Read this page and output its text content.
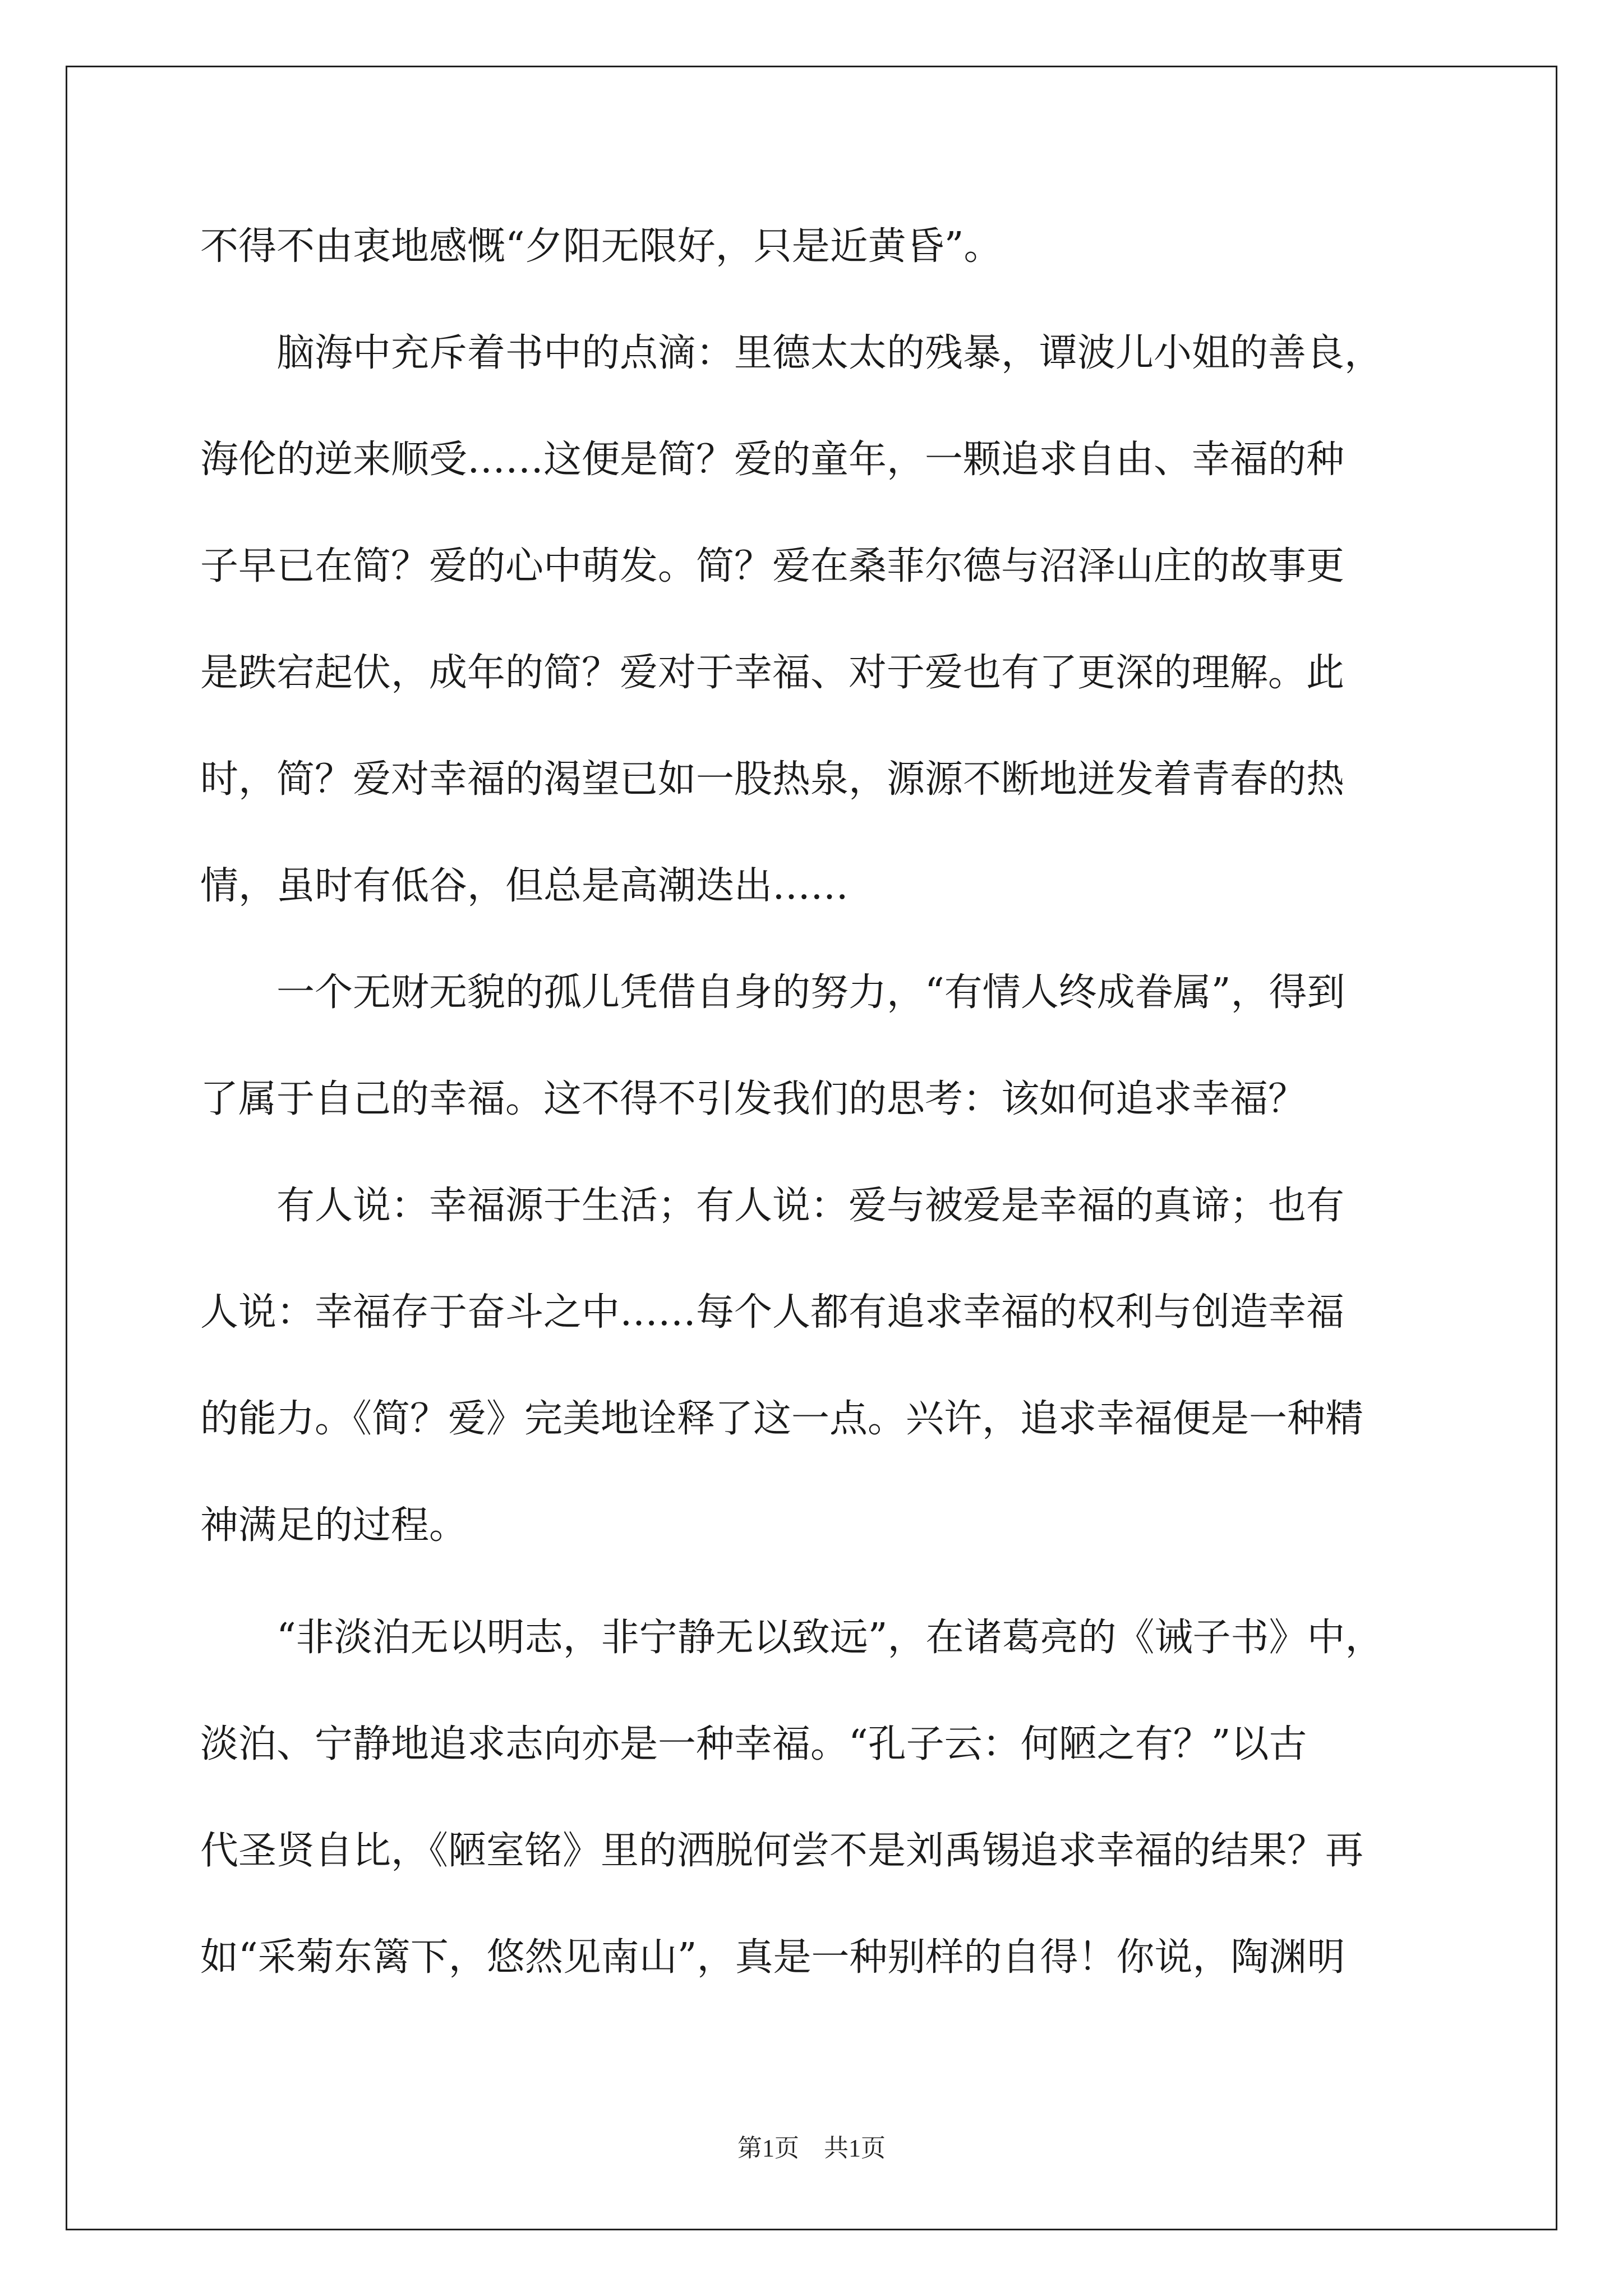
不得不由衷地感慨“夕阳无限好，只是近黄昏”。
　　脑海中充斥着书中的点滴：里德太太的残暴，谭波儿小姐的善良，
海伦的逆来顺受……这便是简？爱的童年，一颗追求自由、幸福的种
子早已在简？爱的心中萌发。简？爱在桑菲尔德与沼泽山庄的故事更
是跌宕起伏，成年的简？爱对于幸福、对于爱也有了更深的理解。此
时，简？爱对幸福的渴望已如一股热泉，源源不断地迸发着青春的热
情，虽时有低谷，但总是高潮迭出……
　　一个无财无貌的孤儿凭借自身的努力，“有情人终成眷属”，得到
了属于自己的幸福。这不得不引发我们的思考：该如何追求幸福？
　　有人说：幸福源于生活；有人说：爱与被爱是幸福的真谛；也有
人说：幸福存于奋斗之中……每个人都有追求幸福的权利与创造幸福
的能力。《简？爱》完美地诠释了这一点。兴许，追求幸福便是一种精
神满足的过程。
　　“非淡泊无以明志，非宁静无以致远”，在诸葛亮的《诫子书》中，
淡泊、宁静地追求志向亦是一种幸福。“孔子云：何陋之有？”以古
代圣贤自比，《陋室铭》里的洒脱何尝不是刘禹锡追求幸福的结果？再
如“采菊东篱下，悠然见南山”，真是一种别样的自得！你说，陶渊明
第1页　共1页
